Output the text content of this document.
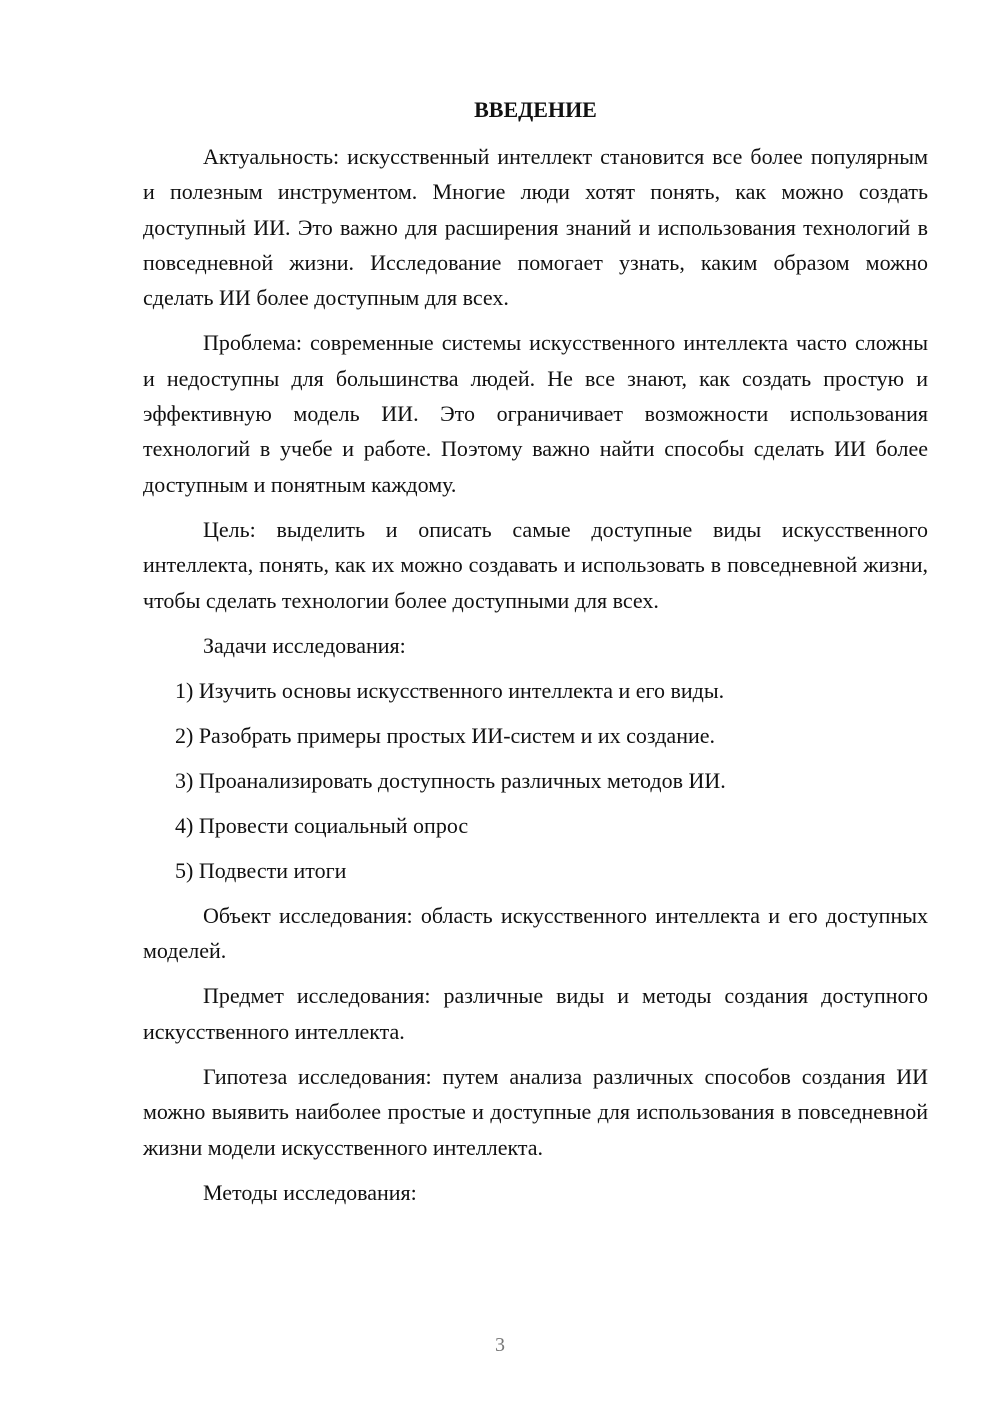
ВВЕДЕНИЕ

Актуальность: искусственный интеллект становится все более популярным и полезным инструментом. Многие люди хотят понять, как можно создать доступный ИИ. Это важно для расширения знаний и использования технологий в повседневной жизни. Исследование помогает узнать, каким образом можно сделать ИИ более доступным для всех.

Проблема: современные системы искусственного интеллекта часто сложны и недоступны для большинства людей. Не все знают, как создать простую и эффективную модель ИИ. Это ограничивает возможности использования технологий в учебе и работе. Поэтому важно найти способы сделать ИИ более доступным и понятным каждому.

Цель: выделить и описать самые доступные виды искусственного интеллекта, понять, как их можно создавать и использовать в повседневной жизни, чтобы сделать технологии более доступными для всех.

Задачи исследования:

1) Изучить основы искусственного интеллекта и его виды.
2) Разобрать примеры простых ИИ-систем и их создание.
3) Проанализировать доступность различных методов ИИ.
4) Провести социальный опрос
5) Подвести итоги

Объект исследования: область искусственного интеллекта и его доступных моделей.

Предмет исследования: различные виды и методы создания доступного искусственного интеллекта.

Гипотеза исследования: путем анализа различных способов создания ИИ можно выявить наиболее простые и доступные для использования в повседневной жизни модели искусственного интеллекта.

Методы исследования:

3
